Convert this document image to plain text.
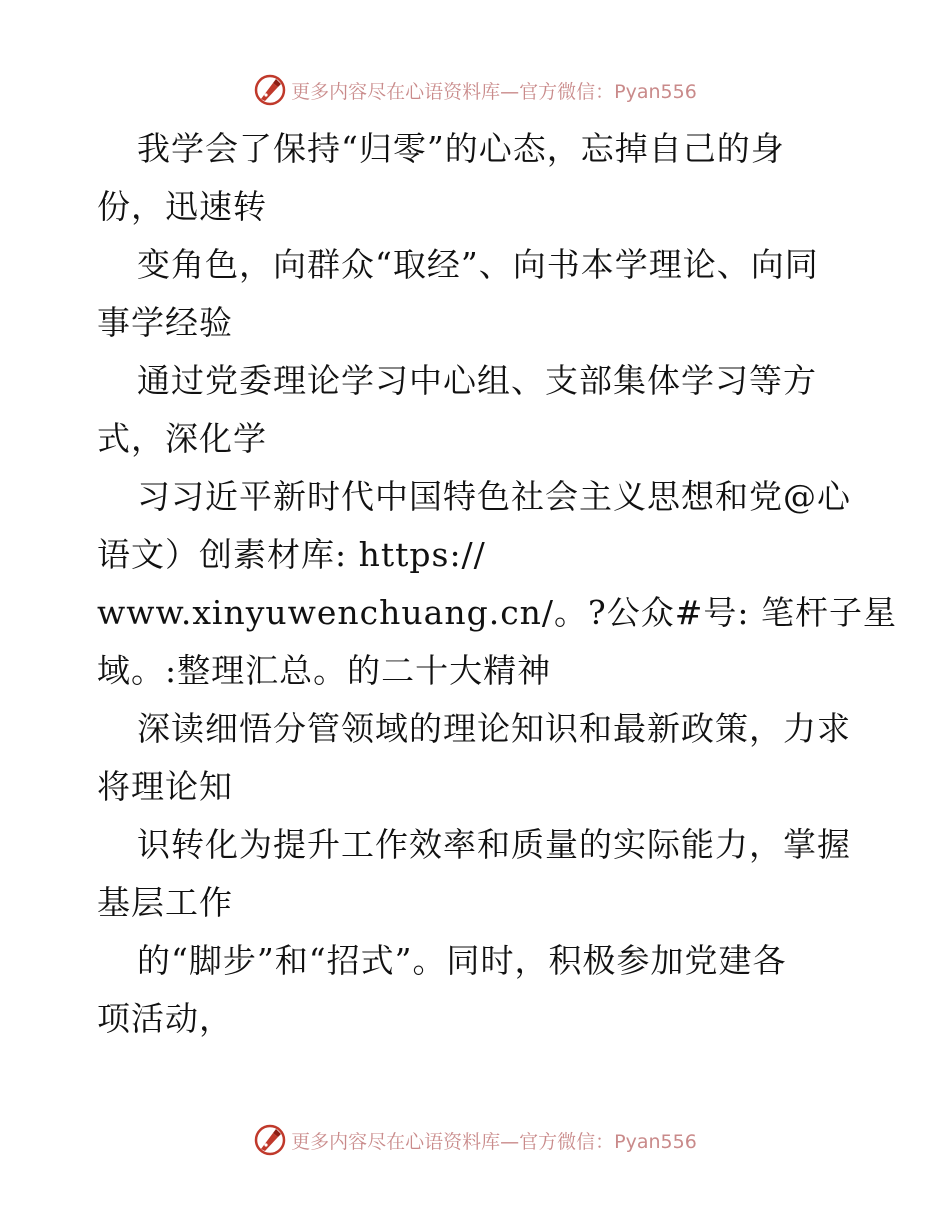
更多内容尽在心语资料库—官方微信：Pyan556
我学会了保持“归零”的心态，忘掉自己的身
份，迅速转
变角色，向群众“取经”、向书本学理论、向同
事学经验
通过党委理论学习中心组、支部集体学习等方
式，深化学
习习近平新时代中国特色社会主义思想和党@心
语文）创素材库: https://
www.xinyuwenchuang.cn/。?公众#号: 笔杆子星
域。:整理汇总。的二十大精神
深读细悟分管领域的理论知识和最新政策，力求
将理论知
识转化为提升工作效率和质量的实际能力，掌握
基层工作
的“脚步”和“招式”。同时，积极参加党建各
项活动，
更多内容尽在心语资料库—官方微信：Pyan556
